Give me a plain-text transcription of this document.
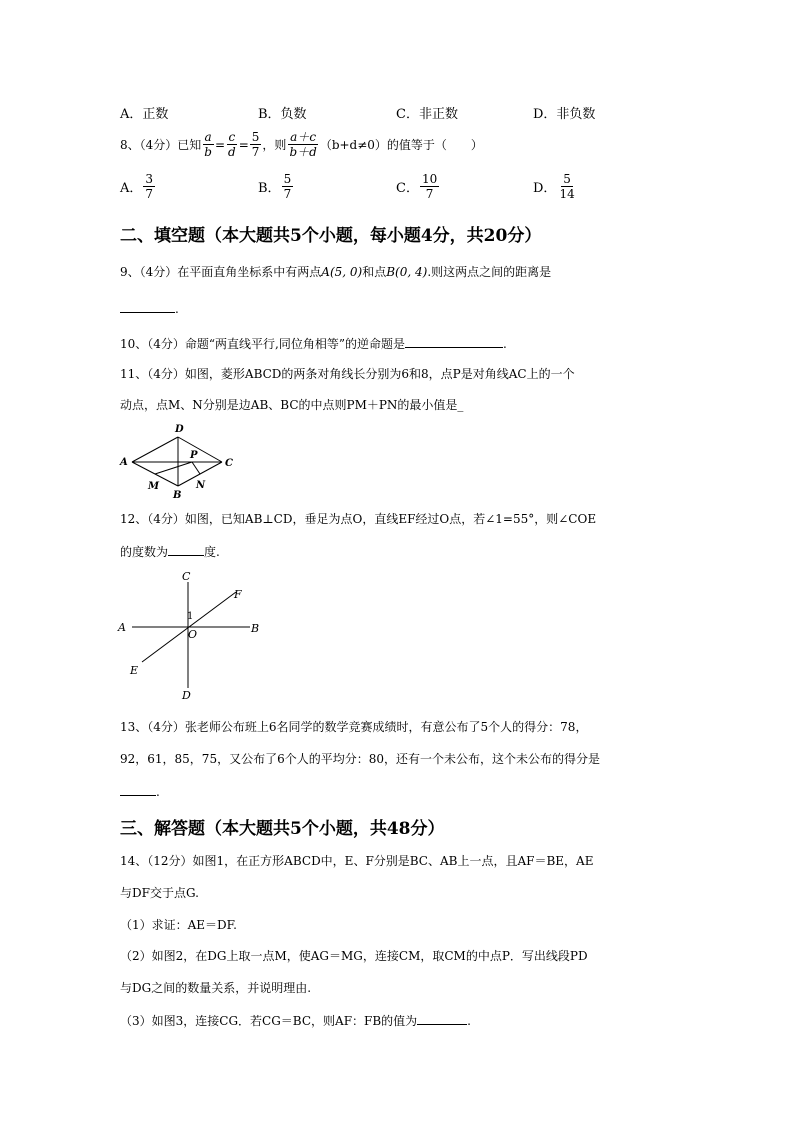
A．正数	B．负数	C．非正数	D．非负数
8、（4分）已知 $\frac{a}{b} = \frac{c}{d} = \frac{5}{7}$ ，则 $\frac{a+c}{b+d} (b+d\ne 0)$的值等于（　　）
A． $\frac{3}{7}$	B． $\frac{5}{7}$	C． $\frac{10}{7}$	D． $\frac{5}{14}$
二、填空题（本大题共5个小题，每小题4分，共20分）
9、（4分）在平面直角坐标系中有两点A(5, 0)和点B(0, 4).则这两点之间的距离是
.
10、（4分）命题“两直线平行,同位角相等”的逆命题是	.
11、（4分）如图，菱形ABCD的两条对角线长分别为6和8，点P是对角线AC上的一个
动点，点M、N分别是边AB、BC的中点则PM＋PN的最小值是_
A
D
C
B
P
M	N
12、（4分）如图，已知AB⊥CD，垂足为点O，直线EF经过O点，若∠1=55°，则∠COE
的度数为	度.
A	B
C
D
E
F
O
1
13、（4分）张老师公布班上6名同学的数学竞赛成绩时，有意公布了5个人的得分：78，
92，61，85，75，又公布了6个人的平均分：80，还有一个未公布，这个未公布的得分是
.
三、解答题（本大题共5个小题，共48分）
14、（12分）如图1，在正方形ABCD中，E、F分别是BC、AB上一点，且AF＝BE，AE
与DF交于点G.
（1）求证：AE＝DF.
（2）如图2，在DG上取一点M，使AG＝MG，连接CM，取CM的中点P．写出线段PD
与DG之间的数量关系，并说明理由.
（3）如图3，连接CG．若CG＝BC，则AF：FB的值为	.
